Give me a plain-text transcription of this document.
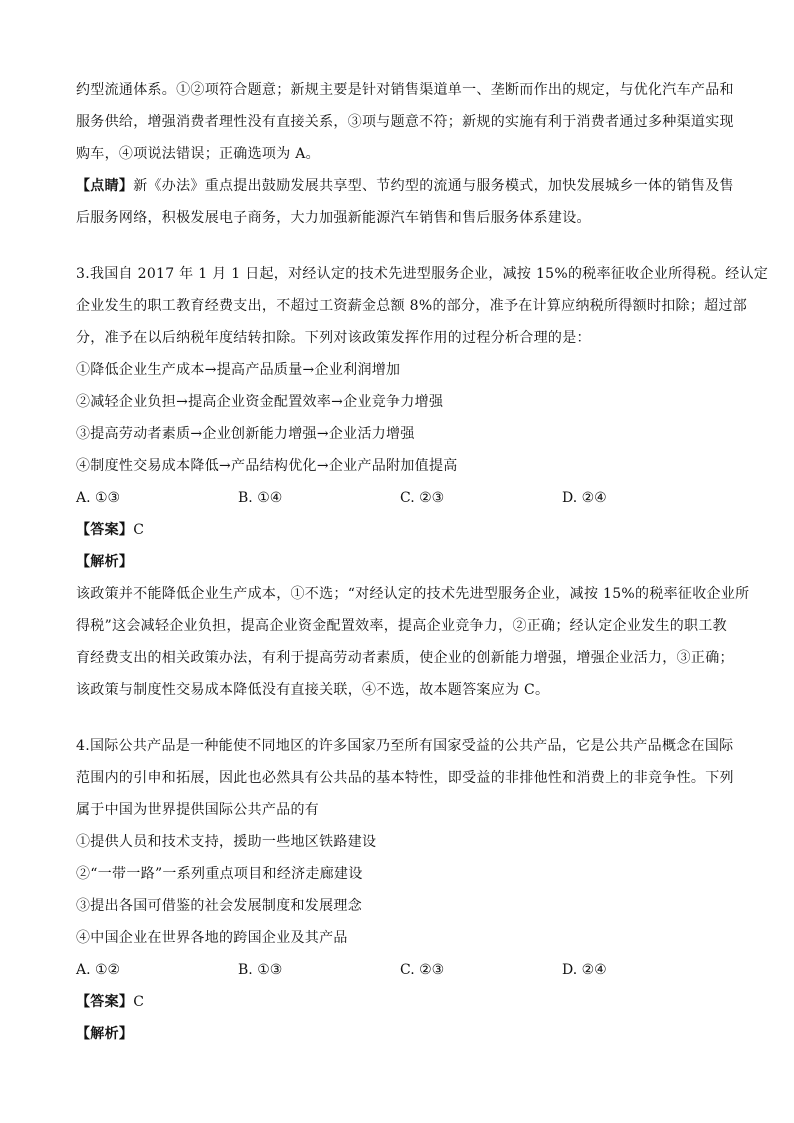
约型流通体系。①②项符合题意；新规主要是针对销售渠道单一、垄断而作出的规定，与优化汽车产品和
服务供给，增强消费者理性没有直接关系，③项与题意不符；新规的实施有利于消费者通过多种渠道实现
购车，④项说法错误；正确选项为 A。
【点睛】新《办法》重点提出鼓励发展共享型、节约型的流通与服务模式，加快发展城乡一体的销售及售
后服务网络，积极发展电子商务，大力加强新能源汽车销售和售后服务体系建设。
3.我国自 2017 年 1 月 1 日起，对经认定的技术先进型服务企业，减按 15%的税率征收企业所得税。经认定
企业发生的职工教育经费支出，不超过工资薪金总额 8%的部分，准予在计算应纳税所得额时扣除；超过部
分，准予在以后纳税年度结转扣除。下列对该政策发挥作用的过程分析合理的是：
①降低企业生产成本→提高产品质量→企业利润增加
②减轻企业负担→提高企业资金配置效率→企业竞争力增强
③提高劳动者素质→企业创新能力增强→企业活力增强
④制度性交易成本降低→产品结构优化→企业产品附加值提高
A. ①③	B. ①④	C. ②③	D. ②④
【答案】C
【解析】
该政策并不能降低企业生产成本，①不选；“对经认定的技术先进型服务企业，减按 15%的税率征收企业所
得税”这会减轻企业负担，提高企业资金配置效率，提高企业竞争力，②正确；经认定企业发生的职工教
育经费支出的相关政策办法，有利于提高劳动者素质，使企业的创新能力增强，增强企业活力，③正确；
该政策与制度性交易成本降低没有直接关联，④不选，故本题答案应为 C。
4.国际公共产品是一种能使不同地区的许多国家乃至所有国家受益的公共产品，它是公共产品概念在国际
范围内的引申和拓展，因此也必然具有公共品的基本特性，即受益的非排他性和消费上的非竞争性。下列
属于中国为世界提供国际公共产品的有
①提供人员和技术支持，援助一些地区铁路建设
②“一带一路”一系列重点项目和经济走廊建设
③提出各国可借鉴的社会发展制度和发展理念
④中国企业在世界各地的跨国企业及其产品
A. ①②	B. ①③	C. ②③	D. ②④
【答案】C
【解析】
